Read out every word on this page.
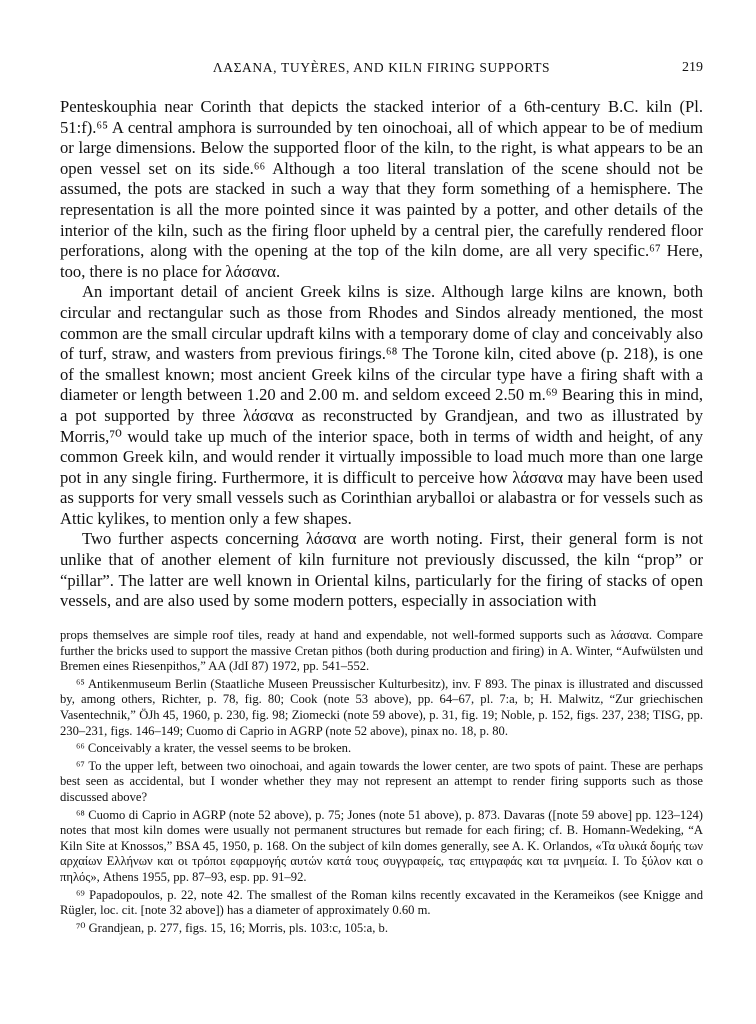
ΛΑΣΑΝΑ, TUYÈRES, AND KILN FIRING SUPPORTS	219

Penteskouphia near Corinth that depicts the stacked interior of a 6th-century B.C. kiln (Pl. 51:f).⁶⁵ A central amphora is surrounded by ten oinochoai, all of which appear to be of medium or large dimensions. Below the supported floor of the kiln, to the right, is what appears to be an open vessel set on its side.⁶⁶ Although a too literal translation of the scene should not be assumed, the pots are stacked in such a way that they form something of a hemisphere. The representation is all the more pointed since it was painted by a potter, and other details of the interior of the kiln, such as the firing floor upheld by a central pier, the carefully rendered floor perforations, along with the opening at the top of the kiln dome, are all very specific.⁶⁷ Here, too, there is no place for λάσανα.

An important detail of ancient Greek kilns is size. Although large kilns are known, both circular and rectangular such as those from Rhodes and Sindos already mentioned, the most common are the small circular updraft kilns with a temporary dome of clay and conceivably also of turf, straw, and wasters from previous firings.⁶⁸ The Torone kiln, cited above (p. 218), is one of the smallest known; most ancient Greek kilns of the circular type have a firing shaft with a diameter or length between 1.20 and 2.00 m. and seldom exceed 2.50 m.⁶⁹ Bearing this in mind, a pot supported by three λάσανα as reconstructed by Grandjean, and two as illustrated by Morris,⁷⁰ would take up much of the interior space, both in terms of width and height, of any common Greek kiln, and would render it virtually impossible to load much more than one large pot in any single firing. Furthermore, it is difficult to perceive how λάσανα may have been used as supports for very small vessels such as Corinthian aryballoi or alabastra or for vessels such as Attic kylikes, to mention only a few shapes.

Two further aspects concerning λάσανα are worth noting. First, their general form is not unlike that of another element of kiln furniture not previously discussed, the kiln “prop” or “pillar”. The latter are well known in Oriental kilns, particularly for the firing of stacks of open vessels, and are also used by some modern potters, especially in association with

props themselves are simple roof tiles, ready at hand and expendable, not well-formed supports such as λάσανα. Compare further the bricks used to support the massive Cretan pithos (both during production and firing) in A. Winter, “Aufwülsten und Bremen eines Riesenpithos,” AA (JdI 87) 1972, pp. 541–552.

⁶⁵ Antikenmuseum Berlin (Staatliche Museen Preussischer Kulturbesitz), inv. F 893. The pinax is illustrated and discussed by, among others, Richter, p. 78, fig. 80; Cook (note 53 above), pp. 64–67, pl. 7:a, b; H. Malwitz, “Zur griechischen Vasentechnik,” ÖJh 45, 1960, p. 230, fig. 98; Ziomecki (note 59 above), p. 31, fig. 19; Noble, p. 152, figs. 237, 238; TISG, pp. 230–231, figs. 146–149; Cuomo di Caprio in AGRP (note 52 above), pinax no. 18, p. 80.

⁶⁶ Conceivably a krater, the vessel seems to be broken.

⁶⁷ To the upper left, between two oinochoai, and again towards the lower center, are two spots of paint. These are perhaps best seen as accidental, but I wonder whether they may not represent an attempt to render firing supports such as those discussed above?

⁶⁸ Cuomo di Caprio in AGRP (note 52 above), p. 75; Jones (note 51 above), p. 873. Davaras ([note 59 above] pp. 123–124) notes that most kiln domes were usually not permanent structures but remade for each firing; cf. B. Homann-Wedeking, “A Kiln Site at Knossos,” BSA 45, 1950, p. 168. On the subject of kiln domes generally, see A. K. Orlandos, «Τα υλικά δομής των αρχαίων Ελλήνων και οι τρόποι εφαρμογής αυτών κατά τους συγγραφείς, τας επιγραφάς και τα μνημεία. I. Το ξύλον και ο πηλός», Athens 1955, pp. 87–93, esp. pp. 91–92.

⁶⁹ Papadopoulos, p. 22, note 42. The smallest of the Roman kilns recently excavated in the Kerameikos (see Knigge and Rügler, loc. cit. [note 32 above]) has a diameter of approximately 0.60 m.

⁷⁰ Grandjean, p. 277, figs. 15, 16; Morris, pls. 103:c, 105:a, b.
